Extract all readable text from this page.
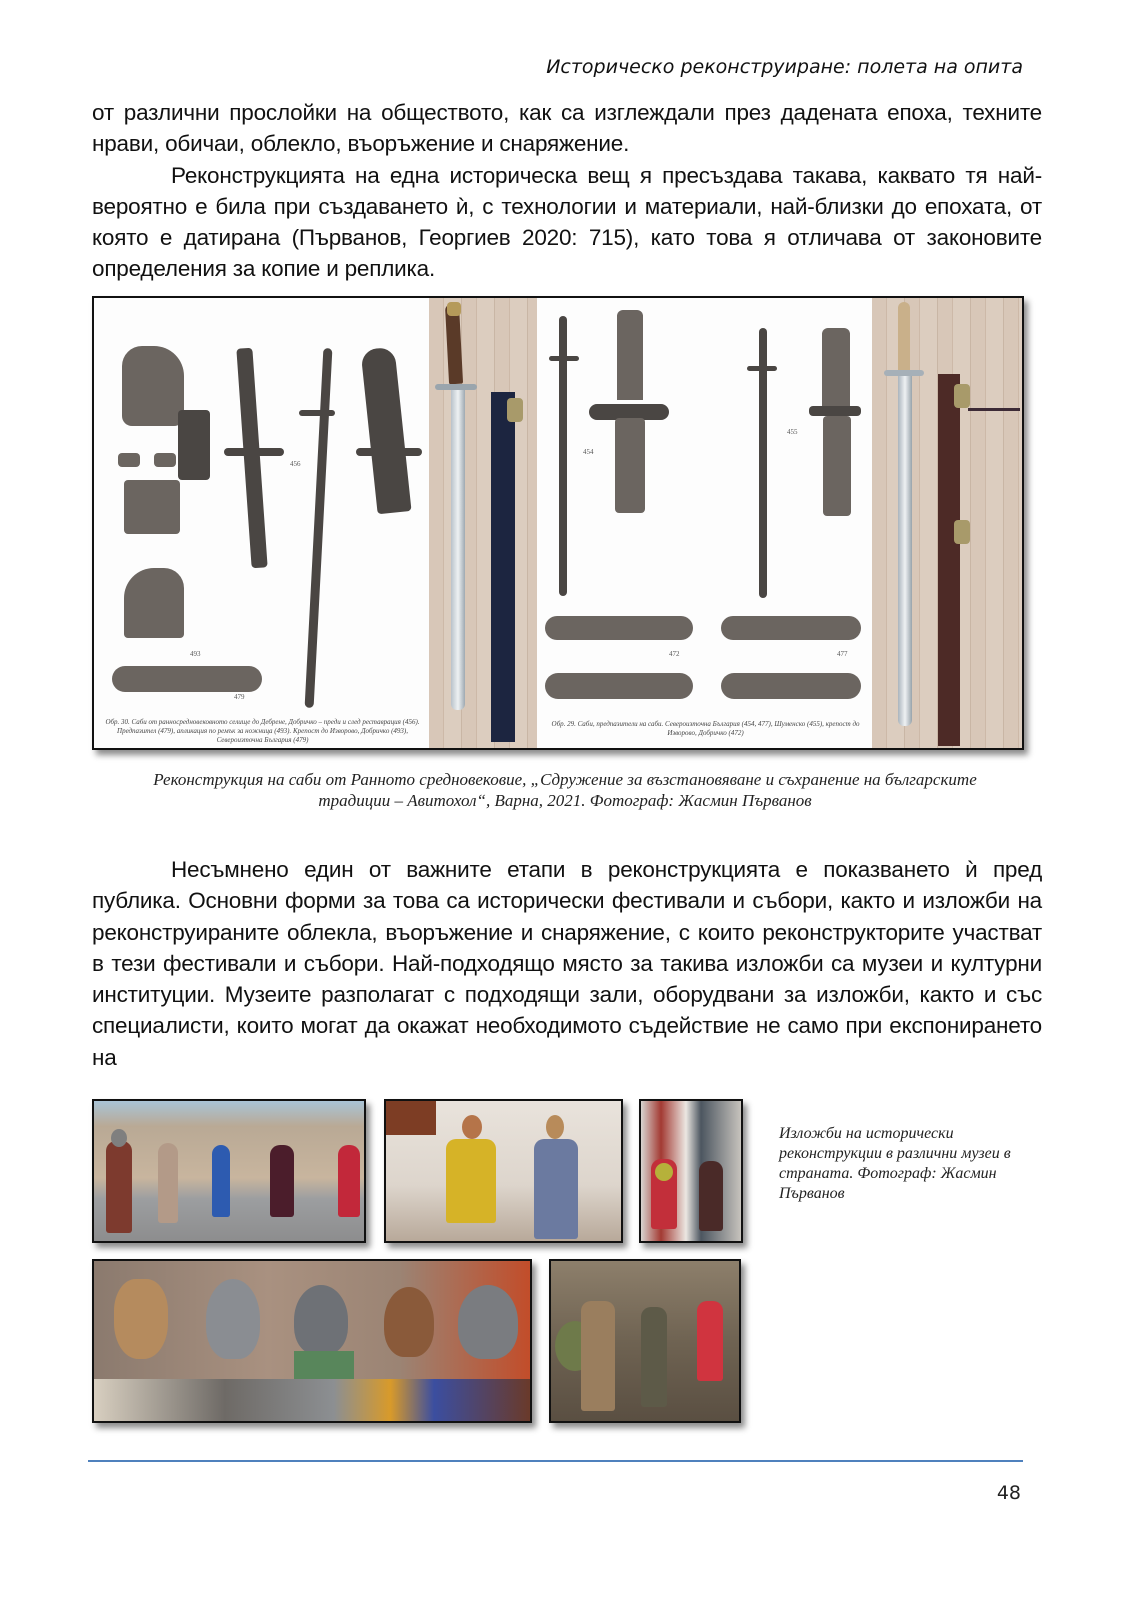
Историческо реконструиране: полета на опита

от различни прослойки на обществото, как са изглеждали през дадената епоха, техните нрави, обичаи, облекло, въоръжение и снаряжение.

Реконструкцията на една историческа вещ я пресъздава такава, каквато тя най-вероятно е била при създаването ѝ, с технологии и материали, най-близки до епохата, от която е датирана (Първанов, Георгиев 2020: 715), като това я отличава от законовите определения за копие и реплика.

456
493
479
Обр. 30. Саби от ранносредновековното селище до Дебрене, Добричко – преди и след реставрация (456). Предпазител (479), апликация по ремък за ножница (493). Крепост до Изворово, Добричко (493), Североизточна България (479)
454
455
472	477
Обр. 29. Саби, предпазители на саби. Североизточна България (454, 477), Шуменско (455), крепост до Изворово, Добричко (472)
Реконструкция на саби от Ранното средновековие, „Сдружение за възстановяване и съхранение на българските традиции – Авитохол“, Варна, 2021. Фотограф: Жасмин Първанов

Несъмнено един от важните етапи в реконструкцията е показването ѝ пред публика. Основни форми за това са исторически фестивали и събори, както и изложби на реконструираните облекла, въоръжение и снаряжение, с които реконструкторите участват в тези фестивали и събори. Най-подходящо място за такива изложби са музеи и културни институции. Музеите разполагат с подходящи зали, оборудвани за изложби, както и със специалисти, които могат да окажат необходимото съдействие не само при експонирането на

Изложби на исторически реконструкции в различни музеи в страната. Фотограф: Жасмин Първанов
48
